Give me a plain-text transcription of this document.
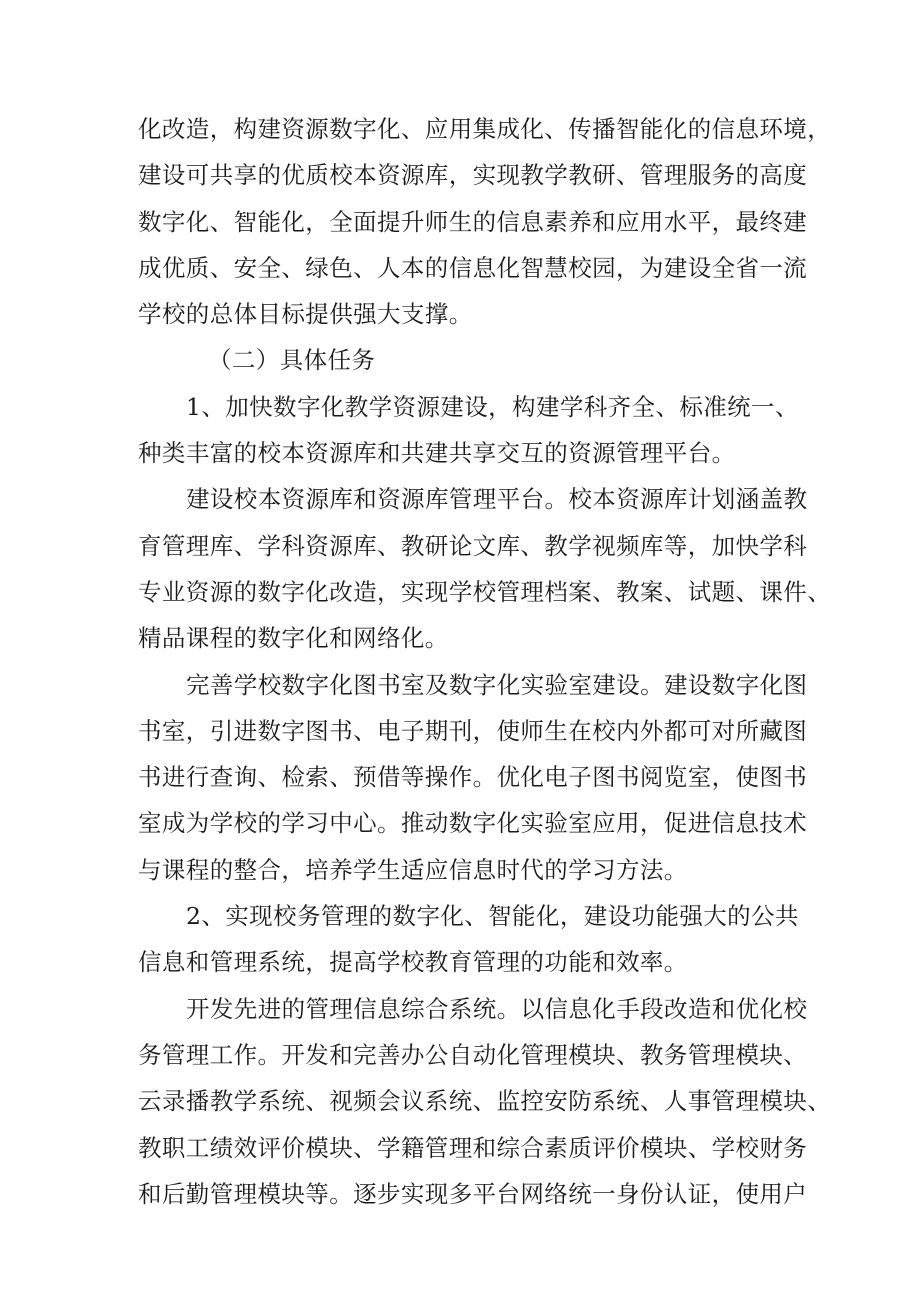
化改造，构建资源数字化、应用集成化、传播智能化的信息环境，
建设可共享的优质校本资源库，实现教学教研、管理服务的高度
数字化、智能化，全面提升师生的信息素养和应用水平，最终建
成优质、安全、绿色、人本的信息化智慧校园，为建设全省一流
学校的总体目标提供强大支撑。
（二）具体任务
1、加快数字化教学资源建设，构建学科齐全、标准统一、
种类丰富的校本资源库和共建共享交互的资源管理平台。
建设校本资源库和资源库管理平台。校本资源库计划涵盖教
育管理库、学科资源库、教研论文库、教学视频库等，加快学科
专业资源的数字化改造，实现学校管理档案、教案、试题、课件、
精品课程的数字化和网络化。
完善学校数字化图书室及数字化实验室建设。建设数字化图
书室，引进数字图书、电子期刊，使师生在校内外都可对所藏图
书进行查询、检索、预借等操作。优化电子图书阅览室，使图书
室成为学校的学习中心。推动数字化实验室应用，促进信息技术
与课程的整合，培养学生适应信息时代的学习方法。
2、实现校务管理的数字化、智能化，建设功能强大的公共
信息和管理系统，提高学校教育管理的功能和效率。
开发先进的管理信息综合系统。以信息化手段改造和优化校
务管理工作。开发和完善办公自动化管理模块、教务管理模块、
云录播教学系统、视频会议系统、监控安防系统、人事管理模块、
教职工绩效评价模块、学籍管理和综合素质评价模块、学校财务
和后勤管理模块等。逐步实现多平台网络统一身份认证，使用户
